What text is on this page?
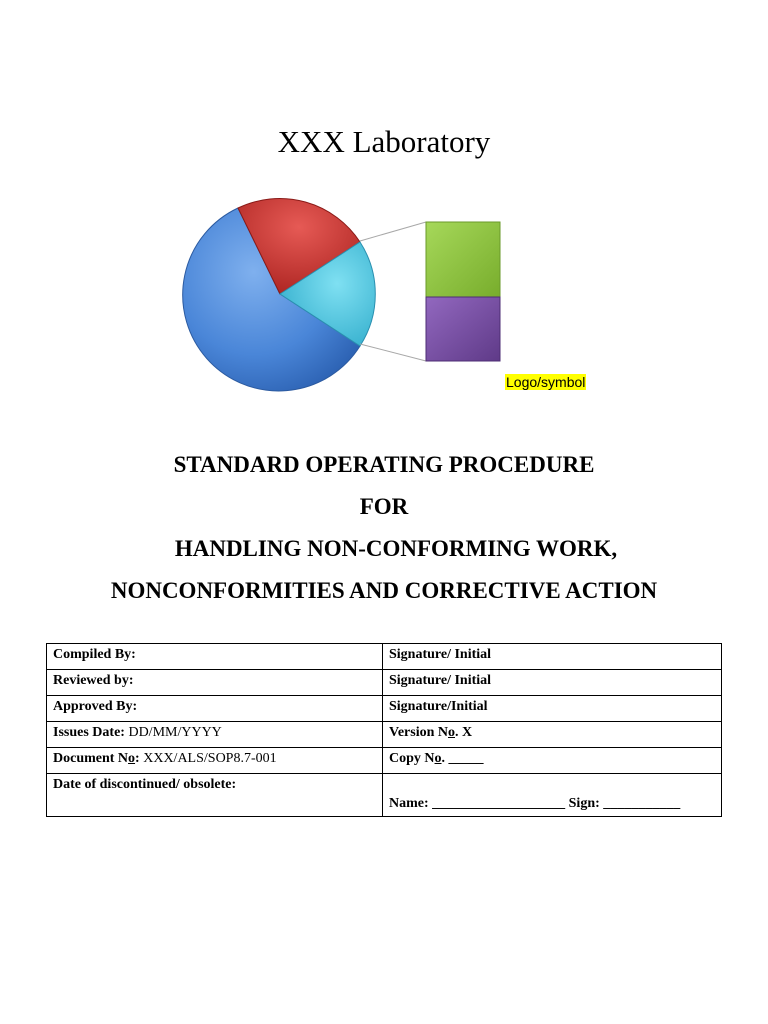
XXX Laboratory
Logo/symbol

STANDARD OPERATING PROCEDURE

FOR

HANDLING NON-CONFORMING WORK,

NONCONFORMITIES AND CORRECTIVE ACTION

Compiled By:	Signature/ Initial
Reviewed by:	Signature/ Initial
Approved By:	Signature/Initial
Issues Date: DD/MM/YYYY	Version No. X
Document No: XXX/ALS/SOP8.7-001	Copy No. _____
Date of discontinued/ obsolete:	Name: ___________________ Sign: ___________
